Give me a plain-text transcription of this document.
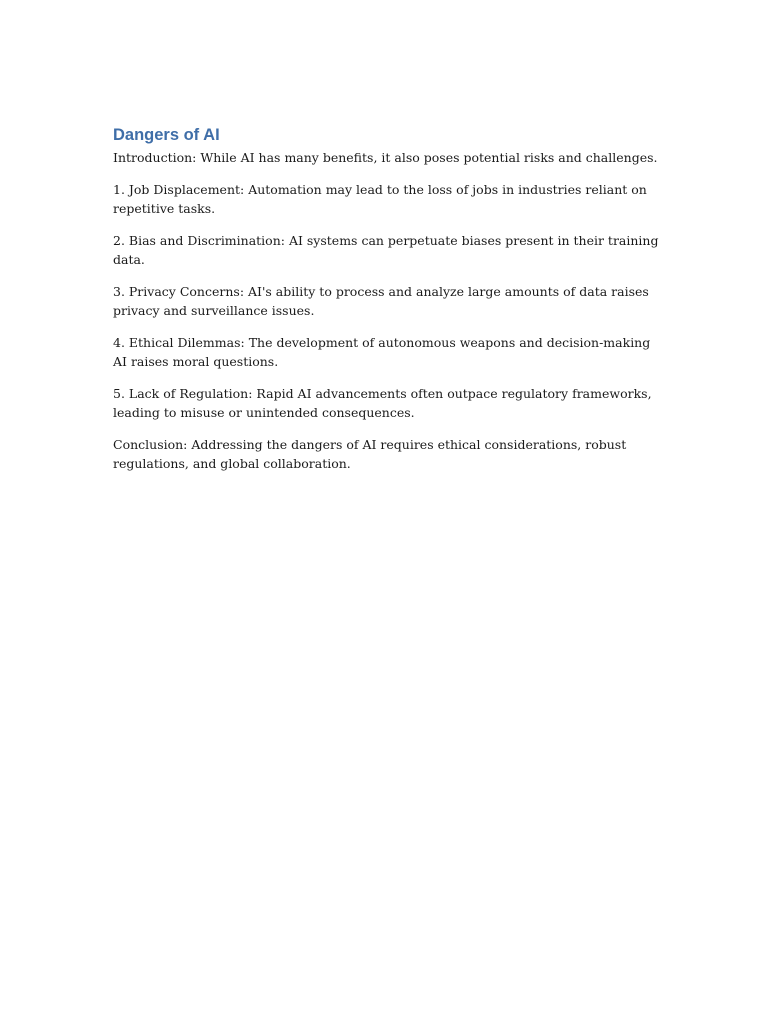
Dangers of AI

Introduction: While AI has many benefits, it also poses potential risks and challenges.

1. Job Displacement: Automation may lead to the loss of jobs in industries reliant on repetitive tasks.

2. Bias and Discrimination: AI systems can perpetuate biases present in their training data.

3. Privacy Concerns: AI's ability to process and analyze large amounts of data raises privacy and surveillance issues.

4. Ethical Dilemmas: The development of autonomous weapons and decision-making AI raises moral questions.

5. Lack of Regulation: Rapid AI advancements often outpace regulatory frameworks, leading to misuse or unintended consequences.

Conclusion: Addressing the dangers of AI requires ethical considerations, robust regulations, and global collaboration.
